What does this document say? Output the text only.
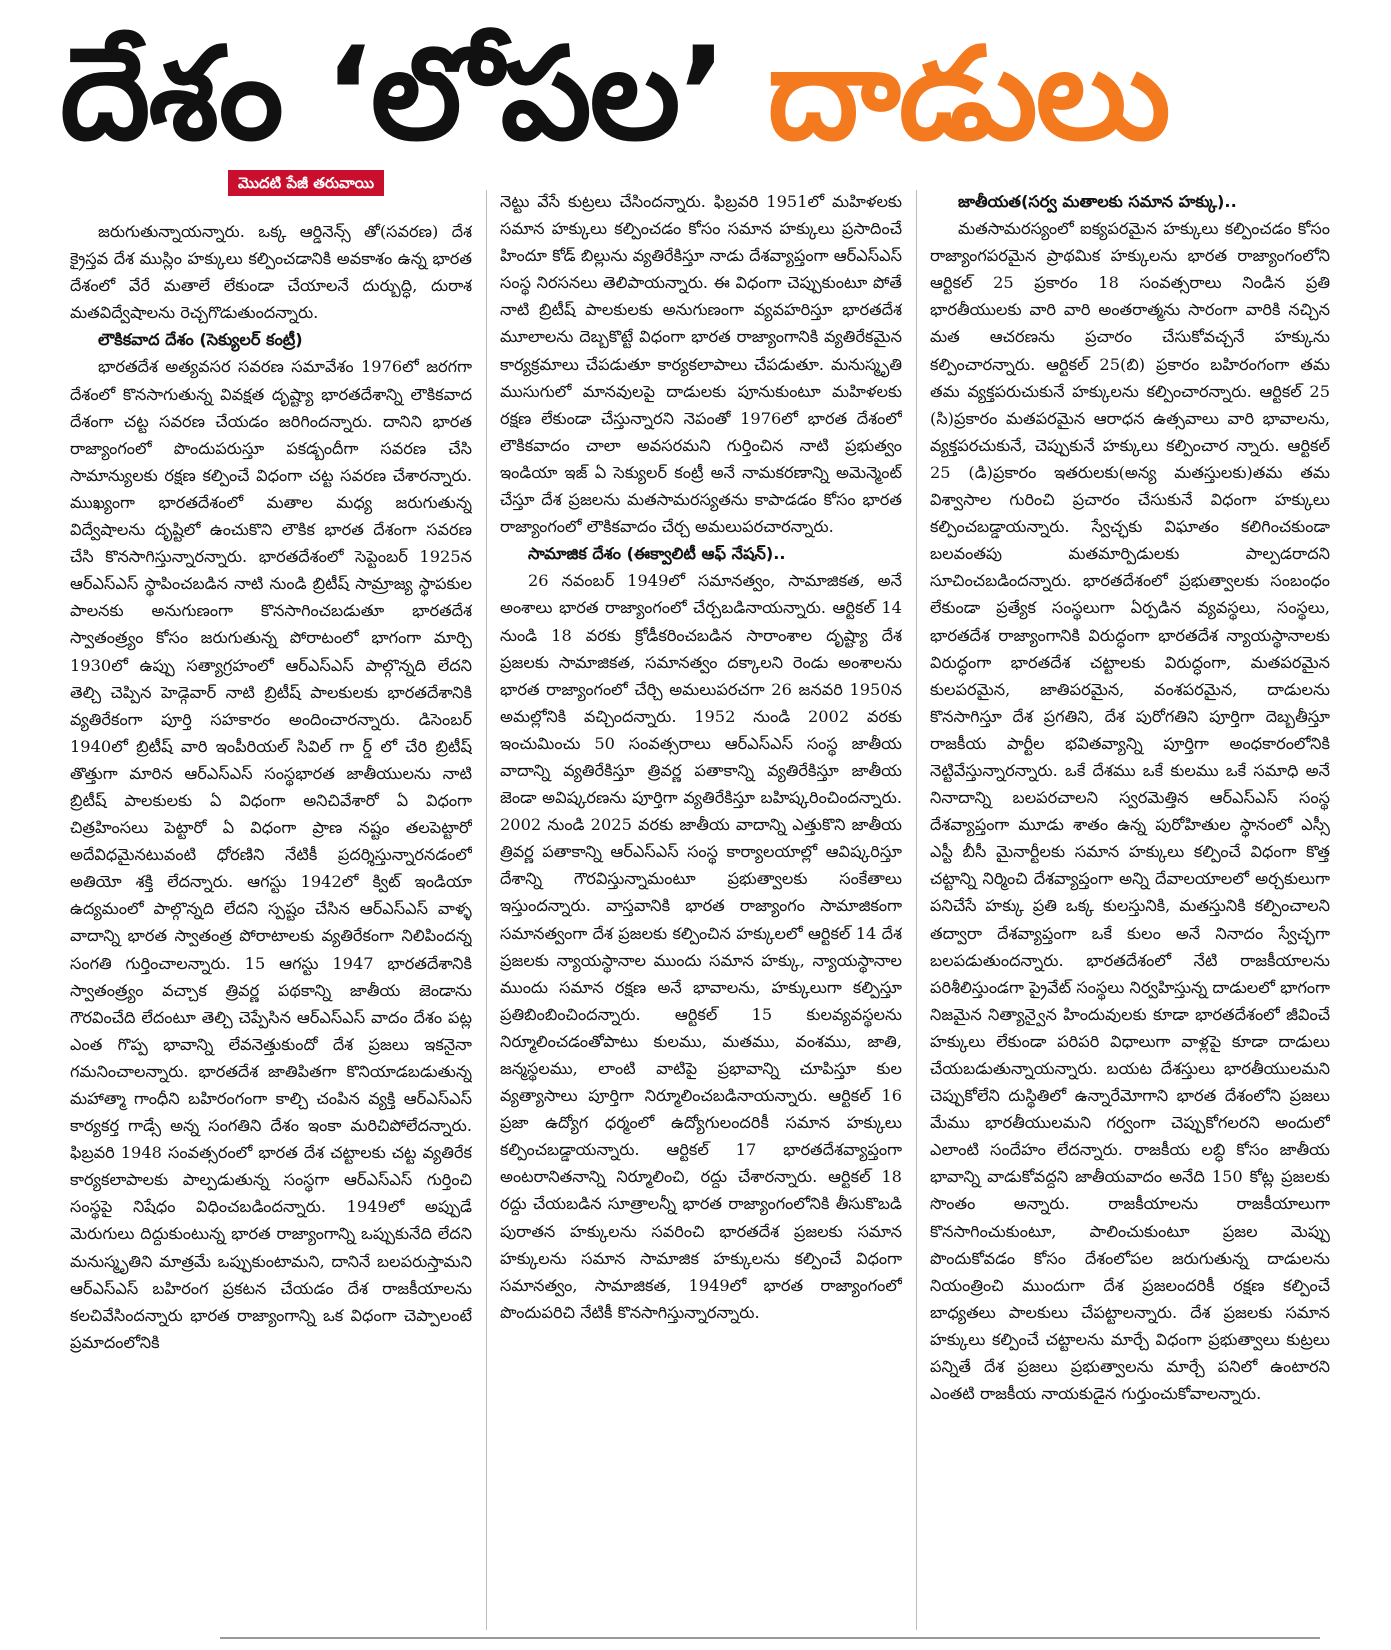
దేశం ‘లోపల’ దాడులు
మొదటి పేజీ తరువాయి

జరుగుతున్నాయన్నారు. ఒక్క ఆర్డినెన్స్ తో(సవరణ) దేశ క్రైస్తవ దేశ ముస్లిం హక్కులు కల్పించడానికి అవకాశం ఉన్న భారత దేశంలో వేరే మతాలే లేకుండా చేయాలనే దుర్బుద్ధి, దురాశ మతవిద్వేషాలను రెచ్చగొడుతుందన్నారు.

లౌకికవాద దేశం (సెక్యులర్ కంట్రీ)

భారతదేశ అత్యవసర సవరణ సమావేశం 1976లో జరగగా దేశంలో కొనసాగుతున్న వివక్షత దృష్ట్యా భారతదేశాన్ని లౌకికవాద దేశంగా చట్ట సవరణ చేయడం జరిగిందన్నారు. దానిని భారత రాజ్యాంగంలో పొందుపరుస్తూ పకడ్బందీగా సవరణ చేసి సామాన్యులకు రక్షణ కల్పించే విధంగా చట్ట సవరణ చేశారన్నారు. ముఖ్యంగా భారతదేశంలో మతాల మధ్య జరుగుతున్న విద్వేషాలను దృష్టిలో ఉంచుకొని లౌకిక భారత దేశంగా సవరణ చేసి కొనసాగిస్తున్నారన్నారు. భారతదేశంలో సెప్టెంబర్ 1925న ఆర్ఎస్ఎస్ స్థాపించబడిన నాటి నుండి బ్రిటీష్ సామ్రాజ్య స్థాపకుల పాలనకు అనుగుణంగా కొనసాగించబడుతూ భారతదేశ స్వాతంత్ర్యం కోసం జరుగుతున్న పోరాటంలో భాగంగా మార్చి 1930లో ఉప్పు సత్యాగ్రహంలో ఆర్ఎస్ఎస్ పాల్గొన్నది లేదని తెల్చి చెప్పిన హెడ్గెవార్ నాటి బ్రిటీష్ పాలకులకు భారతదేశానికి వ్యతిరేకంగా పూర్తి సహకారం అందించారన్నారు. డిసెంబర్ 1940లో బ్రిటీష్ వారి ఇంపీరియల్ సివిల్ గా ర్డ్ లో చేరి బ్రిటీష్ తొత్తుగా మారిన ఆర్ఎస్ఎస్ సంస్థభారత జాతీయులను నాటి బ్రిటీష్ పాలకులకు ఏ విధంగా అనిచివేశారో ఏ విధంగా చిత్రహింసలు పెట్టారో ఏ విధంగా ప్రాణ నష్టం తలపెట్టారో అదేవిధమైనటువంటి ధోరణిని నేటికీ ప్రదర్శిస్తున్నారనడంలో అతియో శక్తి లేదన్నారు. ఆగస్టు 1942లో క్విట్ ఇండియా ఉద్యమంలో పాల్గొన్నది లేదని స్పష్టం చేసిన ఆర్ఎస్ఎస్ వాళ్ళ వాదాన్ని భారత స్వాతంత్ర పోరాటాలకు వ్యతిరేకంగా నిలిపిందన్న సంగతి గుర్తించాలన్నారు. 15 ఆగస్టు 1947 భారతదేశానికి స్వాతంత్ర్యం వచ్చాక త్రివర్ణ పథకాన్ని జాతీయ జెండాను గౌరవించేది లేదంటూ తెల్చి చెప్పేసిన ఆర్ఎస్ఎస్ వాదం దేశం పట్ల ఎంత గొప్ప భావాన్ని లేవనెత్తుకుందో దేశ ప్రజలు ఇకనైనా గమనించాలన్నారు. భారతదేశ జాతిపితగా కొనియాడబడుతున్న మహాత్మా గాంధీని బహిరంగంగా కాల్చి చంపిన వ్యక్తి ఆర్ఎస్ఎస్ కార్యకర్త గాడ్సే అన్న సంగతిని దేశం ఇంకా మరిచిపోలేదన్నారు. ఫిబ్రవరి 1948 సంవత్సరంలో భారత దేశ చట్టాలకు చట్ట వ్యతిరేక కార్యకలాపాలకు పాల్పడుతున్న సంస్థగా ఆర్ఎస్ఎస్ గుర్తించి సంస్థపై నిషేధం విధించబడిందన్నారు. 1949లో అప్పుడే మెరుగులు దిద్దుకుంటున్న భారత రాజ్యాంగాన్ని ఒప్పుకునేది లేదని మనుస్మృతిని మాత్రమే ఒప్పుకుంటామని, దానినే బలపరుస్తామని ఆర్ఎస్ఎస్ బహిరంగ ప్రకటన చేయడం దేశ రాజకీయాలను కలచివేసిందన్నారు భారత రాజ్యాంగాన్ని ఒక విధంగా చెప్పాలంటే ప్రమాదంలోనికి

నెట్టు వేసే కుట్రలు చేసిందన్నారు. ఫిబ్రవరి 1951లో మహిళలకు సమాన హక్కులు కల్పించడం కోసం సమాన హక్కులు ప్రసాదించే హిందూ కోడ్ బిల్లును వ్యతిరేకిస్తూ నాడు దేశవ్యాప్తంగా ఆర్ఎస్ఎస్ సంస్థ నిరసనలు తెలిపాయన్నారు. ఈ విధంగా చెప్పుకుంటూ పోతే నాటి బ్రిటీష్ పాలకులకు అనుగుణంగా వ్యవహరిస్తూ భారతదేశ మూలాలను దెబ్బకొట్టే విధంగా భారత రాజ్యాంగానికి వ్యతిరేకమైన కార్యక్రమాలు చేపడుతూ కార్యకలాపాలు చేపడుతూ. మనుస్మృతి ముసుగులో మానవులపై దాడులకు పూనుకుంటూ మహిళలకు రక్షణ లేకుండా చేస్తున్నారని నెపంతో 1976లో భారత దేశంలో లౌకికవాదం చాలా అవసరమని గుర్తించిన నాటి ప్రభుత్వం ఇండియా ఇజ్ ఏ సెక్యులర్ కంట్రీ అనే నామకరణాన్ని అమెన్మెంట్ చేస్తూ దేశ ప్రజలను మతసామరస్యతను కాపాడడం కోసం భారత రాజ్యాంగంలో లౌకికవాదం చేర్చ అమలుపరచారన్నారు.

సామాజిక దేశం (ఈక్వాలిటీ ఆఫ్ నేషన్)..

26 నవంబర్ 1949లో సమానత్వం, సామాజికత, అనే అంశాలు భారత రాజ్యాంగంలో చేర్చబడినాయన్నారు. ఆర్టికల్ 14 నుండి 18 వరకు క్రోడీకరించబడిన సారాంశాల దృష్ట్యా దేశ ప్రజలకు సామాజికత, సమానత్వం దక్కాలని రెండు అంశాలను భారత రాజ్యాంగంలో చేర్చి అమలుపరచగా 26 జనవరి 1950న అమల్లోనికి వచ్చిందన్నారు. 1952 నుండి 2002 వరకు ఇంచుమించు 50 సంవత్సరాలు ఆర్ఎస్ఎస్ సంస్థ జాతీయ వాదాన్ని వ్యతిరేకిస్తూ త్రివర్ణ పతాకాన్ని వ్యతిరేకిస్తూ జాతీయ జెండా అవిష్కరణను పూర్తిగా వ్యతిరేకిస్తూ బహిష్కరించిందన్నారు. 2002 నుండి 2025 వరకు జాతీయ వాదాన్ని ఎత్తుకొని జాతీయ త్రివర్ణ పతాకాన్ని ఆర్ఎస్ఎస్ సంస్థ కార్యాలయాల్లో ఆవిష్కరిస్తూ దేశాన్ని గౌరవిస్తున్నామంటూ ప్రభుత్వాలకు సంకేతాలు ఇస్తుందన్నారు. వాస్తవానికి భారత రాజ్యాంగం సామాజికంగా సమానత్వంగా దేశ ప్రజలకు కల్పించిన హక్కులలో ఆర్టికల్ 14 దేశ ప్రజలకు న్యాయస్థానాల ముందు సమాన హక్కు, న్యాయస్థానాల ముందు సమాన రక్షణ అనే భావాలను, హక్కులుగా కల్పిస్తూ ప్రతిబింబించిందన్నారు. ఆర్టికల్ 15 కులవ్యవస్థలను నిర్మూలించడంతోపాటు కులము, మతము, వంశము, జాతి, జన్మస్థలము, లాంటి వాటిపై ప్రభావాన్ని చూపిస్తూ కుల వ్యత్యాసాలు పూర్తిగా నిర్మూలించబడినాయన్నారు. ఆర్టికల్ 16 ప్రజా ఉద్యోగ ధర్మంలో ఉద్యోగులందరికీ సమాన హక్కులు కల్పించబడ్డాయన్నారు. ఆర్టికల్ 17 భారతదేశవ్యాప్తంగా అంటరానితనాన్ని నిర్మూలించి, రద్దు చేశారన్నారు. ఆర్టికల్ 18 రద్దు చేయబడిన సూత్రాలన్నీ భారత రాజ్యాంగంలోనికి తీసుకొబడి పురాతన హక్కులను సవరించి భారతదేశ ప్రజలకు సమాన హక్కులను సమాన సామాజిక హక్కులను కల్పించే విధంగా సమానత్వం, సామాజికత, 1949లో భారత రాజ్యాంగంలో పొందుపరిచి నేటికీ కొనసాగిస్తున్నారన్నారు.

జాతీయత(సర్వ మతాలకు సమాన హక్కు)..

మతసామరస్యంలో ఐక్యపరమైన హక్కులు కల్పించడం కోసం రాజ్యాంగపరమైన ప్రాథమిక హక్కులను భారత రాజ్యాంగంలోని ఆర్టికల్ 25 ప్రకారం 18 సంవత్సరాలు నిండిన ప్రతి భారతీయులకు వారి వారి అంతరాత్మను సారంగా వారికి నచ్చిన మత ఆచరణను ప్రచారం చేసుకోవచ్చనే హక్కును కల్పించారన్నారు. ఆర్టికల్ 25(బి) ప్రకారం బహిరంగంగా తమ తమ వ్యక్తపరుచుకునే హక్కులను కల్పించారన్నారు. ఆర్టికల్ 25 (సి)ప్రకారం మతపరమైన ఆరాధన ఉత్సవాలు వారి భావాలను, వ్యక్తపరచుకునే, చెప్పుకునే హక్కులు కల్పించార న్నారు. ఆర్టికల్ 25 (డి)ప్రకారం ఇతరులకు(అన్య మతస్తులకు)తమ తమ విశ్వాసాల గురించి ప్రచారం చేసుకునే విధంగా హక్కులు కల్పించబడ్డాయన్నారు. స్వేచ్ఛకు విఘాతం కలిగించకుండా బలవంతపు మతమార్పిడులకు పాల్పడరాదని సూచించబడిందన్నారు. భారతదేశంలో ప్రభుత్వాలకు సంబంధం లేకుండా ప్రత్యేక సంస్థలుగా ఏర్పడిన వ్యవస్థలు, సంస్థలు, భారతదేశ రాజ్యాంగానికి విరుద్ధంగా భారతదేశ న్యాయస్థానాలకు విరుద్ధంగా భారతదేశ చట్టాలకు విరుద్ధంగా, మతపరమైన కులపరమైన, జాతిపరమైన, వంశపరమైన, దాడులను కొనసాగిస్తూ దేశ ప్రగతిని, దేశ పురోగతిని పూర్తిగా దెబ్బతీస్తూ రాజకీయ పార్టీల భవితవ్యాన్ని పూర్తిగా అంధకారంలోనికి నెట్టివేస్తున్నారన్నారు. ఒకే దేశము ఒకే కులము ఒకే సమాధి అనే నినాదాన్ని బలపరచాలని స్వరమెత్తిన ఆర్ఎస్ఎస్ సంస్థ దేశవ్యాప్తంగా మూడు శాతం ఉన్న పురోహితుల స్థానంలో ఎస్సీ ఎస్టీ బీసీ మైనార్టీలకు సమాన హక్కులు కల్పించే విధంగా కొత్త చట్టాన్ని నిర్మించి దేశవ్యాప్తంగా అన్ని దేవాలయాలలో అర్చకులుగా పనిచేసే హక్కు ప్రతి ఒక్క కులస్తునికి, మతస్తునికి కల్పించాలని తద్వారా దేశవ్యాప్తంగా ఒకే కులం అనే నినాదం స్వేచ్ఛగా బలపడుతుందన్నారు. భారతదేశంలో నేటి రాజకీయాలను పరిశీలిస్తుండగా ప్రైవేట్ సంస్థలు నిర్వహిస్తున్న దాడులలో భాగంగా నిజమైన నిత్యాన్వైన హిందువులకు కూడా భారతదేశంలో జీవించే హక్కులు లేకుండా పరిపరి విధాలుగా వాళ్లపై కూడా దాడులు చేయబడుతున్నాయన్నారు. బయట దేశస్తులు భారతీయులమని చెప్పుకోలేని దుస్థితిలో ఉన్నారేమోగాని భారత దేశంలోని ప్రజలు మేము భారతీయులమని గర్వంగా చెప్పుకోగలరని అందులో ఎలాంటి సందేహం లేదన్నారు. రాజకీయ లబ్ధి కోసం జాతీయ భావాన్ని వాడుకోవద్దని జాతీయవాదం అనేది 150 కోట్ల ప్రజలకు సొంతం అన్నారు. రాజకీయాలను రాజకీయాలుగా కొనసాగించుకుంటూ, పాలించుకుంటూ ప్రజల మెప్పు పొందుకోవడం కోసం దేశంలోపల జరుగుతున్న దాడులను నియంత్రించి ముందుగా దేశ ప్రజలందరికీ రక్షణ కల్పించే బాధ్యతలు పాలకులు చేపట్టాలన్నారు. దేశ ప్రజలకు సమాన హక్కులు కల్పించే చట్టాలను మార్చే విధంగా ప్రభుత్వాలు కుట్రలు పన్నితే దేశ ప్రజలు ప్రభుత్వాలను మార్చే పనిలో ఉంటారని ఎంతటి రాజకీయ నాయకుడైన గుర్తుంచుకోవాలన్నారు.
